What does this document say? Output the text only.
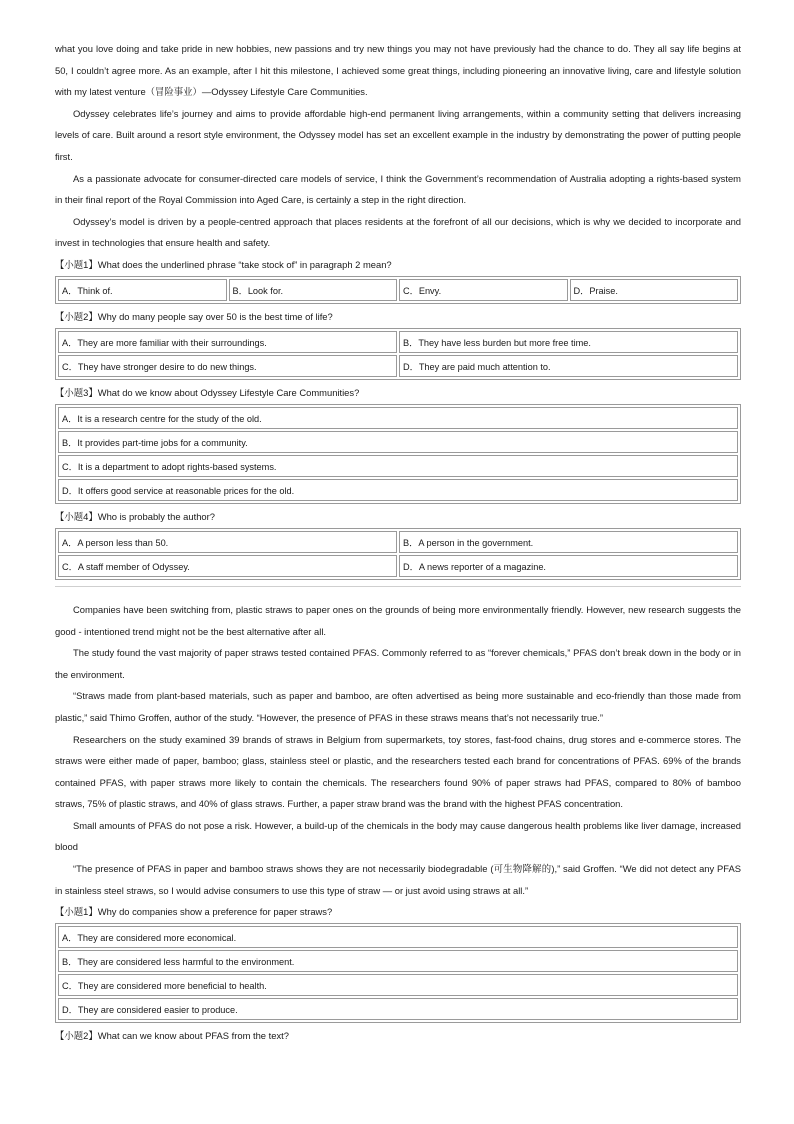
what you love doing and take pride in new hobbies, new passions and try new things you may not have previously had the chance to do. They all say life begins at 50, I couldn’t agree more. As an example, after I hit this milestone, I achieved some great things, including pioneering an innovative living, care and lifestyle solution with my latest venture（冒险事业）—Odyssey Lifestyle Care Communities.

Odyssey celebrates life’s journey and aims to provide affordable high-end permanent living arrangements, within a community setting that delivers increasing levels of care. Built around a resort style environment, the Odyssey model has set an excellent example in the industry by demonstrating the power of putting people first.

As a passionate advocate for consumer-directed care models of service, I think the Government’s recommendation of Australia adopting a rights-based system in their final report of the Royal Commission into Aged Care, is certainly a step in the right direction.

Odyssey’s model is driven by a people-centred approach that places residents at the forefront of all our decisions, which is why we decided to incorporate and invest in technologies that ensure health and safety.

【小题1】What does the underlined phrase “take stock of” in paragraph 2 mean?

A．Think of.	B．Look for.	C．Envy.	D．Praise.

【小题2】Why do many people say over 50 is the best time of life?

A．They are more familiar with their surroundings.	B．They have less burden but more free time.
C．They have stronger desire to do new things.	D．They are paid much attention to.

【小题3】What do we know about Odyssey Lifestyle Care Communities?

A．It is a research centre for the study of the old.
B．It provides part-time jobs for a community.
C．It is a department to adopt rights-based systems.
D．It offers good service at reasonable prices for the old.

【小题4】Who is probably the author?

A．A person less than 50.	B．A person in the government.
C．A staff member of Odyssey.	D．A news reporter of a magazine.

Companies have been switching from, plastic straws to paper ones on the grounds of being more environmentally friendly. However, new research suggests the good - intentioned trend might not be the best alternative after all.

The study found the vast majority of paper straws tested contained PFAS. Commonly referred to as “forever chemicals,” PFAS don’t break down in the body or in the environment.

“Straws made from plant-based materials, such as paper and bamboo, are often advertised as being more sustainable and eco-friendly than those made from plastic,” said Thimo Groffen, author of the study. “However, the presence of PFAS in these straws means that’s not necessarily true.”

Researchers on the study examined 39 brands of straws in Belgium from supermarkets, toy stores, fast-food chains, drug stores and e-commerce stores. The straws were either made of paper, bamboo; glass, stainless steel or plastic, and the researchers tested each brand for concentrations of PFAS. 69% of the brands contained PFAS, with paper straws more likely to contain the chemicals. The researchers found 90% of paper straws had PFAS, compared to 80% of bamboo straws, 75% of plastic straws, and 40% of glass straws. Further, a paper straw brand was the brand with the highest PFAS concentration.

Small amounts of PFAS do not pose a risk. However, a build-up of the chemicals in the body may cause dangerous health problems like liver damage, increased blood

“The presence of PFAS in paper and bamboo straws shows they are not necessarily biodegradable (可生物降解的),” said Groffen. “We did not detect any PFAS in stainless steel straws, so I would advise consumers to use this type of straw — or just avoid using straws at all.”

【小题1】Why do companies show a preference for paper straws?

A．They are considered more economical.
B．They are considered less harmful to the environment.
C．They are considered more beneficial to health.
D．They are considered easier to produce.

【小题2】What can we know about PFAS from the text?
